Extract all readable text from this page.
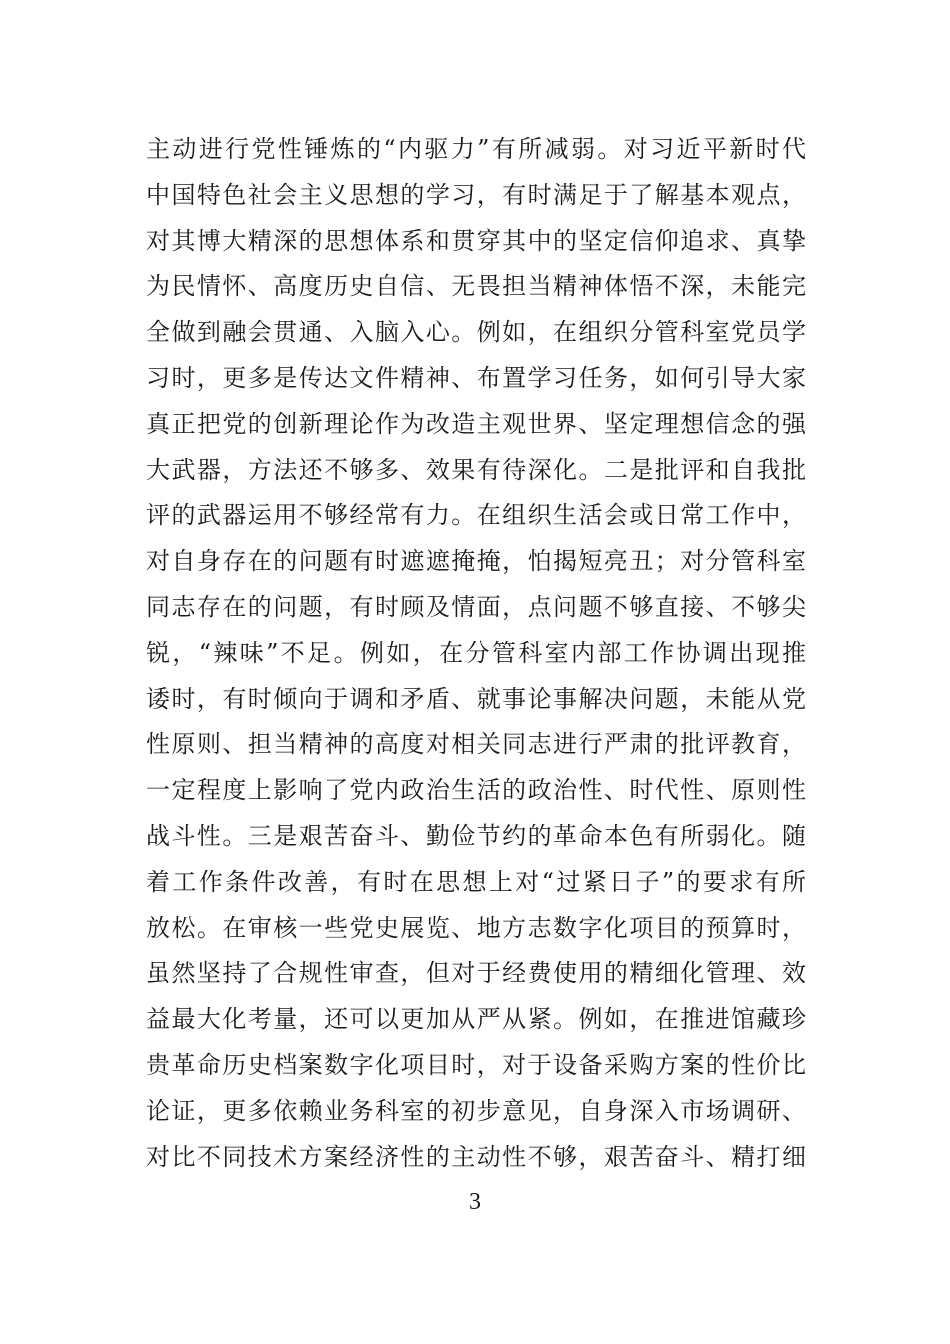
主动进行党性锤炼的“内驱力”有所减弱。对习近平新时代
中国特色社会主义思想的学习，有时满足于了解基本观点，
对其博大精深的思想体系和贯穿其中的坚定信仰追求、真挚
为民情怀、高度历史自信、无畏担当精神体悟不深，未能完
全做到融会贯通、入脑入心。例如，在组织分管科室党员学
习时，更多是传达文件精神、布置学习任务，如何引导大家
真正把党的创新理论作为改造主观世界、坚定理想信念的强
大武器，方法还不够多、效果有待深化。二是批评和自我批
评的武器运用不够经常有力。在组织生活会或日常工作中，
对自身存在的问题有时遮遮掩掩，怕揭短亮丑；对分管科室
同志存在的问题，有时顾及情面，点问题不够直接、不够尖
锐，“辣味”不足。例如，在分管科室内部工作协调出现推
诿时，有时倾向于调和矛盾、就事论事解决问题，未能从党
性原则、担当精神的高度对相关同志进行严肃的批评教育，
一定程度上影响了党内政治生活的政治性、时代性、原则性
战斗性。三是艰苦奋斗、勤俭节约的革命本色有所弱化。随
着工作条件改善，有时在思想上对“过紧日子”的要求有所
放松。在审核一些党史展览、地方志数字化项目的预算时，
虽然坚持了合规性审查，但对于经费使用的精细化管理、效
益最大化考量，还可以更加从严从紧。例如，在推进馆藏珍
贵革命历史档案数字化项目时，对于设备采购方案的性价比
论证，更多依赖业务科室的初步意见，自身深入市场调研、
对比不同技术方案经济性的主动性不够，艰苦奋斗、精打细
3
